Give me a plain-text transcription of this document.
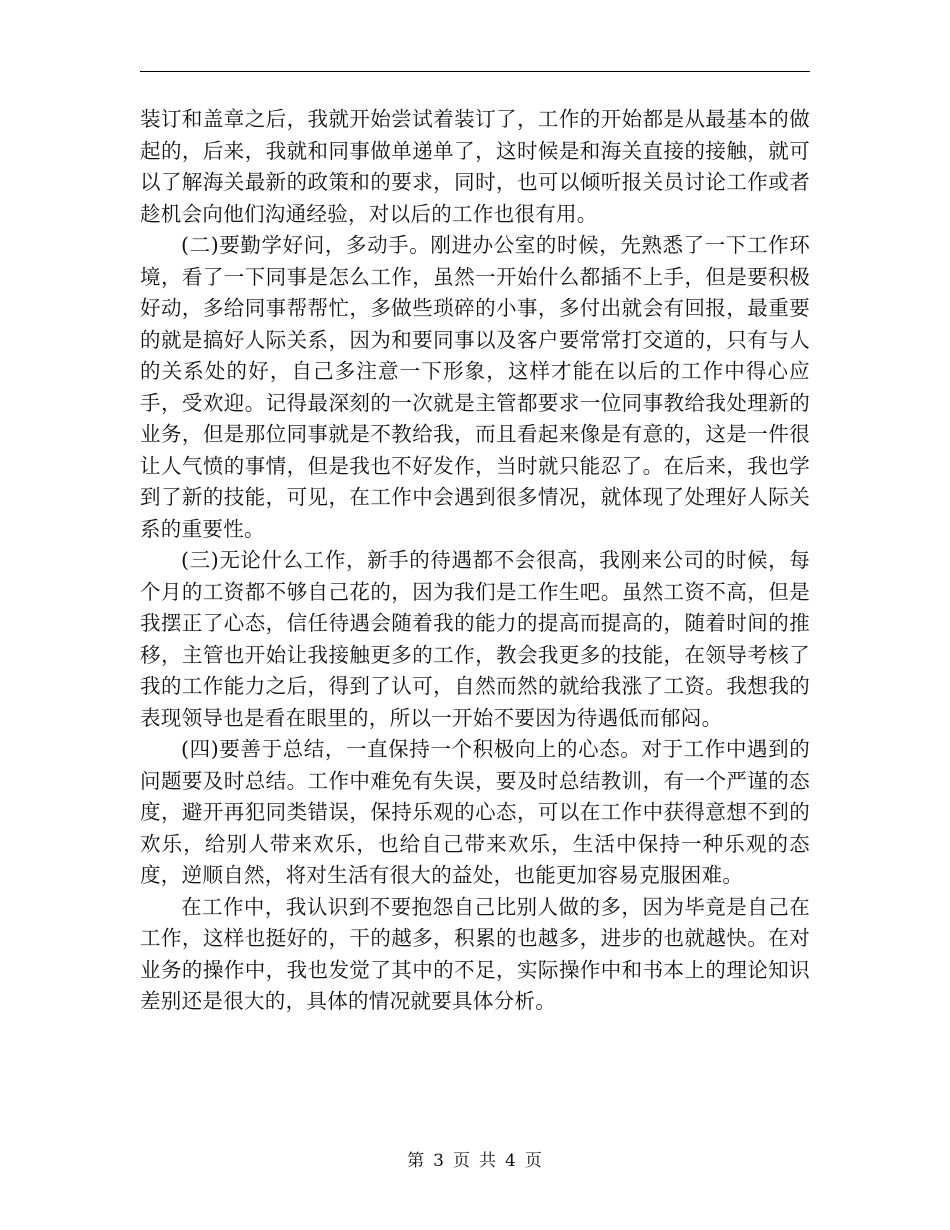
装订和盖章之后，我就开始尝试着装订了，工作的开始都是从最基本的做起的，后来，我就和同事做单递单了，这时候是和海关直接的接触，就可以了解海关最新的政策和的要求，同时，也可以倾听报关员讨论工作或者趁机会向他们沟通经验，对以后的工作也很有用。

(二)要勤学好问，多动手。刚进办公室的时候，先熟悉了一下工作环境，看了一下同事是怎么工作，虽然一开始什么都插不上手，但是要积极好动，多给同事帮帮忙，多做些琐碎的小事，多付出就会有回报，最重要的就是搞好人际关系，因为和要同事以及客户要常常打交道的，只有与人的关系处的好，自己多注意一下形象，这样才能在以后的工作中得心应手，受欢迎。记得最深刻的一次就是主管都要求一位同事教给我处理新的业务，但是那位同事就是不教给我，而且看起来像是有意的，这是一件很让人气愤的事情，但是我也不好发作，当时就只能忍了。在后来，我也学到了新的技能，可见，在工作中会遇到很多情况，就体现了处理好人际关系的重要性。

(三)无论什么工作，新手的待遇都不会很高，我刚来公司的时候，每个月的工资都不够自己花的，因为我们是工作生吧。虽然工资不高，但是我摆正了心态，信任待遇会随着我的能力的提高而提高的，随着时间的推移，主管也开始让我接触更多的工作，教会我更多的技能，在领导考核了我的工作能力之后，得到了认可，自然而然的就给我涨了工资。我想我的表现领导也是看在眼里的，所以一开始不要因为待遇低而郁闷。

(四)要善于总结，一直保持一个积极向上的心态。对于工作中遇到的问题要及时总结。工作中难免有失误，要及时总结教训，有一个严谨的态度，避开再犯同类错误，保持乐观的心态，可以在工作中获得意想不到的欢乐，给别人带来欢乐，也给自己带来欢乐，生活中保持一种乐观的态度，逆顺自然，将对生活有很大的益处，也能更加容易克服困难。

在工作中，我认识到不要抱怨自己比别人做的多，因为毕竟是自己在工作，这样也挺好的，干的越多，积累的也越多，进步的也就越快。在对业务的操作中，我也发觉了其中的不足，实际操作中和书本上的理论知识差别还是很大的，具体的情况就要具体分析。

第 3 页 共 4 页
